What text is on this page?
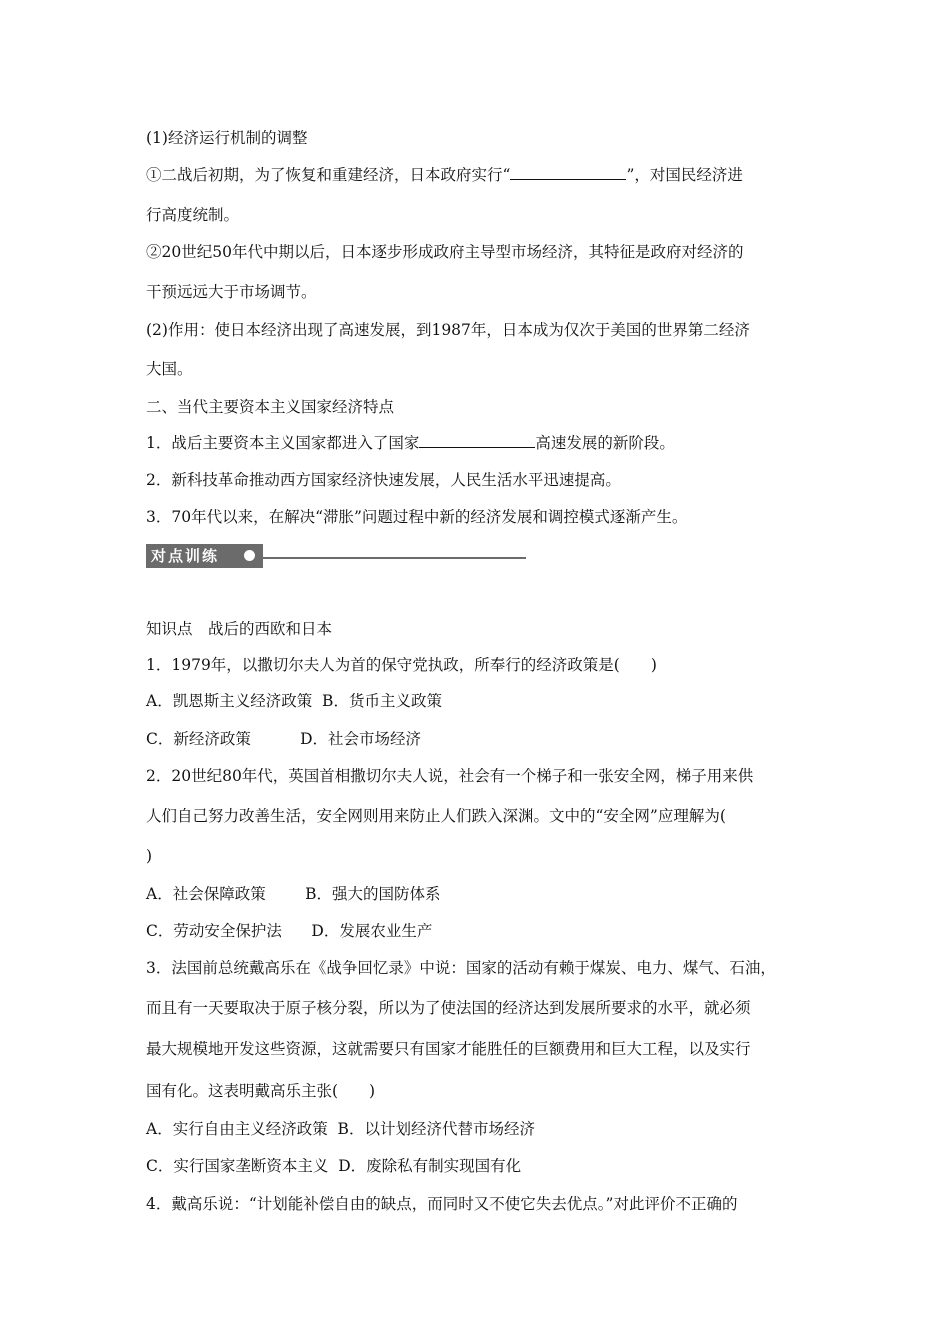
(1)经济运行机制的调整
①二战后初期，为了恢复和重建经济，日本政府实行“	”，对国民经济进
行高度统制。
②20世纪50年代中期以后，日本逐步形成政府主导型市场经济，其特征是政府对经济的
干预远远大于市场调节。
(2)作用：使日本经济出现了高速发展，到1987年，日本成为仅次于美国的世界第二经济
大国。
二、当代主要资本主义国家经济特点
1．战后主要资本主义国家都进入了国家	高速发展的新阶段。
2．新科技革命推动西方国家经济快速发展，人民生活水平迅速提高。
3．70年代以来，在解决“滞胀”问题过程中新的经济发展和调控模式逐渐产生。
对点训练
知识点　战后的西欧和日本
1．1979年，以撒切尔夫人为首的保守党执政，所奉行的经济政策是(　　)
A．凯恩斯主义经济政策  B．货币主义政策
C．新经济政策          D．社会市场经济
2．20世纪80年代，英国首相撒切尔夫人说，社会有一个梯子和一张安全网，梯子用来供
人们自己努力改善生活，安全网则用来防止人们跌入深渊。文中的“安全网”应理解为(
)
A．社会保障政策        B．强大的国防体系
C．劳动安全保护法      D．发展农业生产
3．法国前总统戴高乐在《战争回忆录》中说：国家的活动有赖于煤炭、电力、煤气、石油，
而且有一天要取决于原子核分裂，所以为了使法国的经济达到发展所要求的水平，就必须
最大规模地开发这些资源，这就需要只有国家才能胜任的巨额费用和巨大工程，以及实行
国有化。这表明戴高乐主张(　　)
A．实行自由主义经济政策  B．以计划经济代替市场经济
C．实行国家垄断资本主义  D．废除私有制实现国有化
4．戴高乐说：“计划能补偿自由的缺点，而同时又不使它失去优点。”对此评价不正确的
